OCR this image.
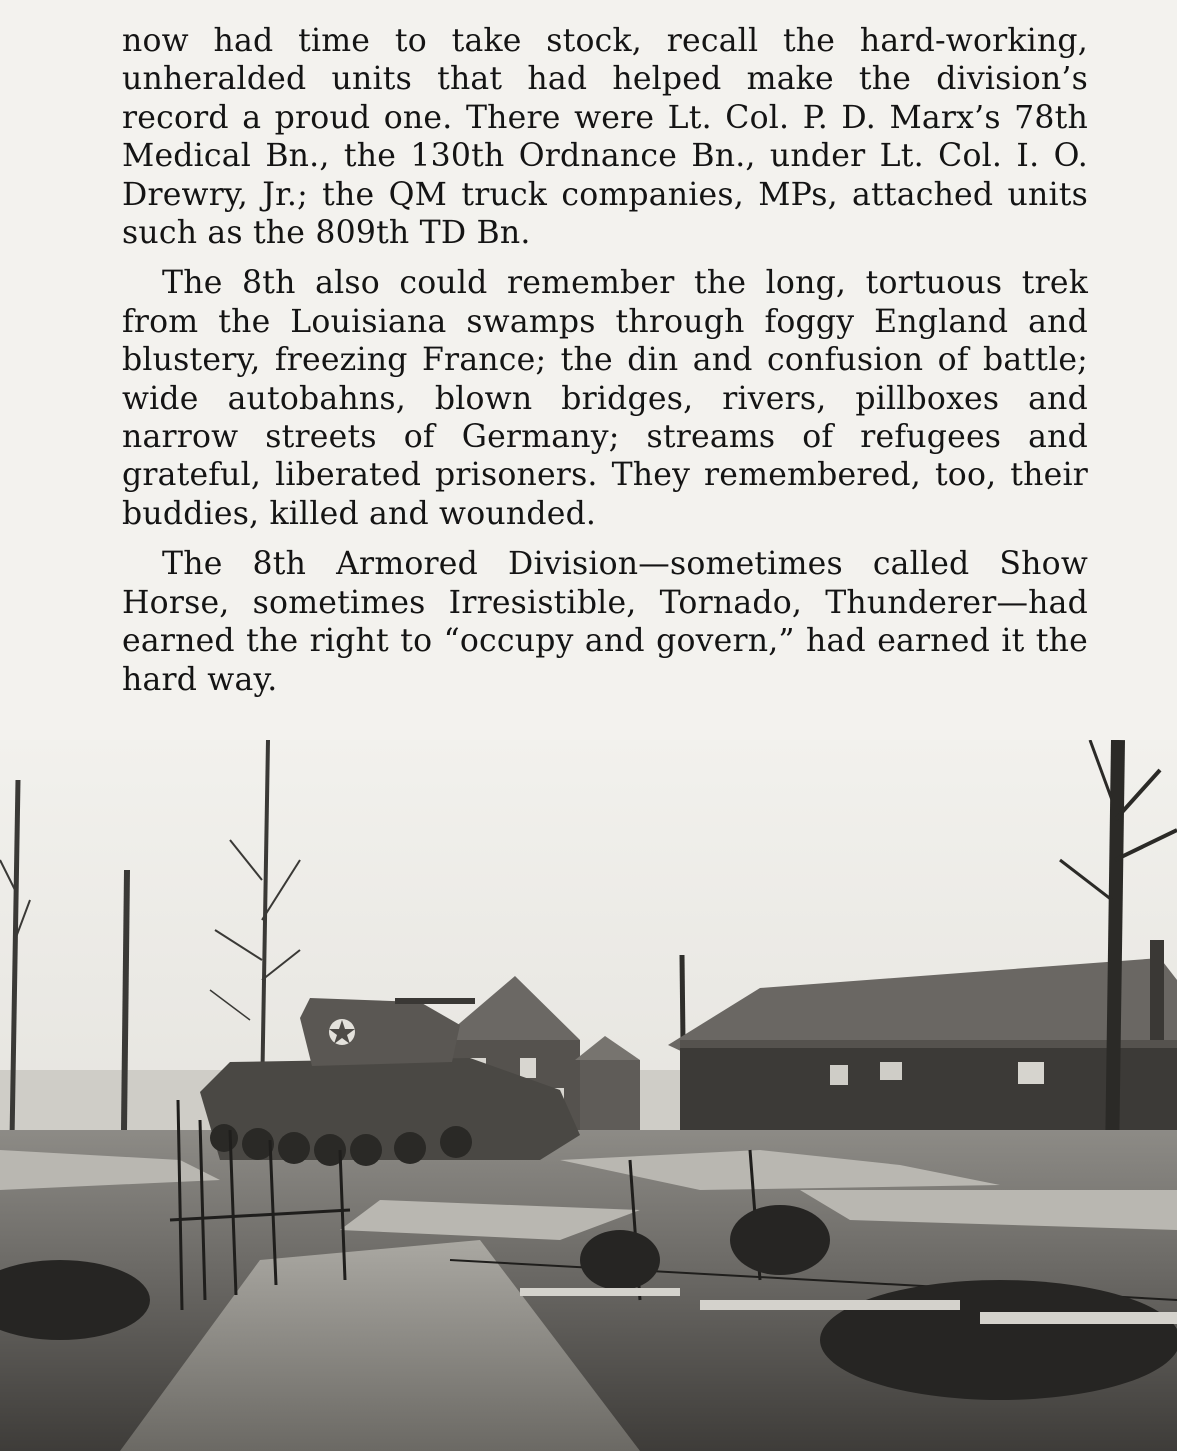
now had time to take stock, recall the hard-working, unheralded units that had helped make the division’s record a proud one. There were Lt. Col. P. D. Marx’s 78th Medical Bn., the 130th Ordnance Bn., under Lt. Col. I. O. Drewry, Jr.; the QM truck companies, MPs, attached units such as the 809th TD Bn.

The 8th also could remember the long, tortuous trek from the Louisiana swamps through foggy England and blustery, freezing France; the din and confusion of battle; wide autobahns, blown bridges, rivers, pillboxes and narrow streets of Germany; streams of refugees and grateful, liberated prisoners. They remembered, too, their buddies, killed and wounded.

The 8th Armored Division—sometimes called Show Horse, sometimes Irresistible, Tornado, Thunderer—had earned the right to “occupy and govern,” had earned it the hard way.
